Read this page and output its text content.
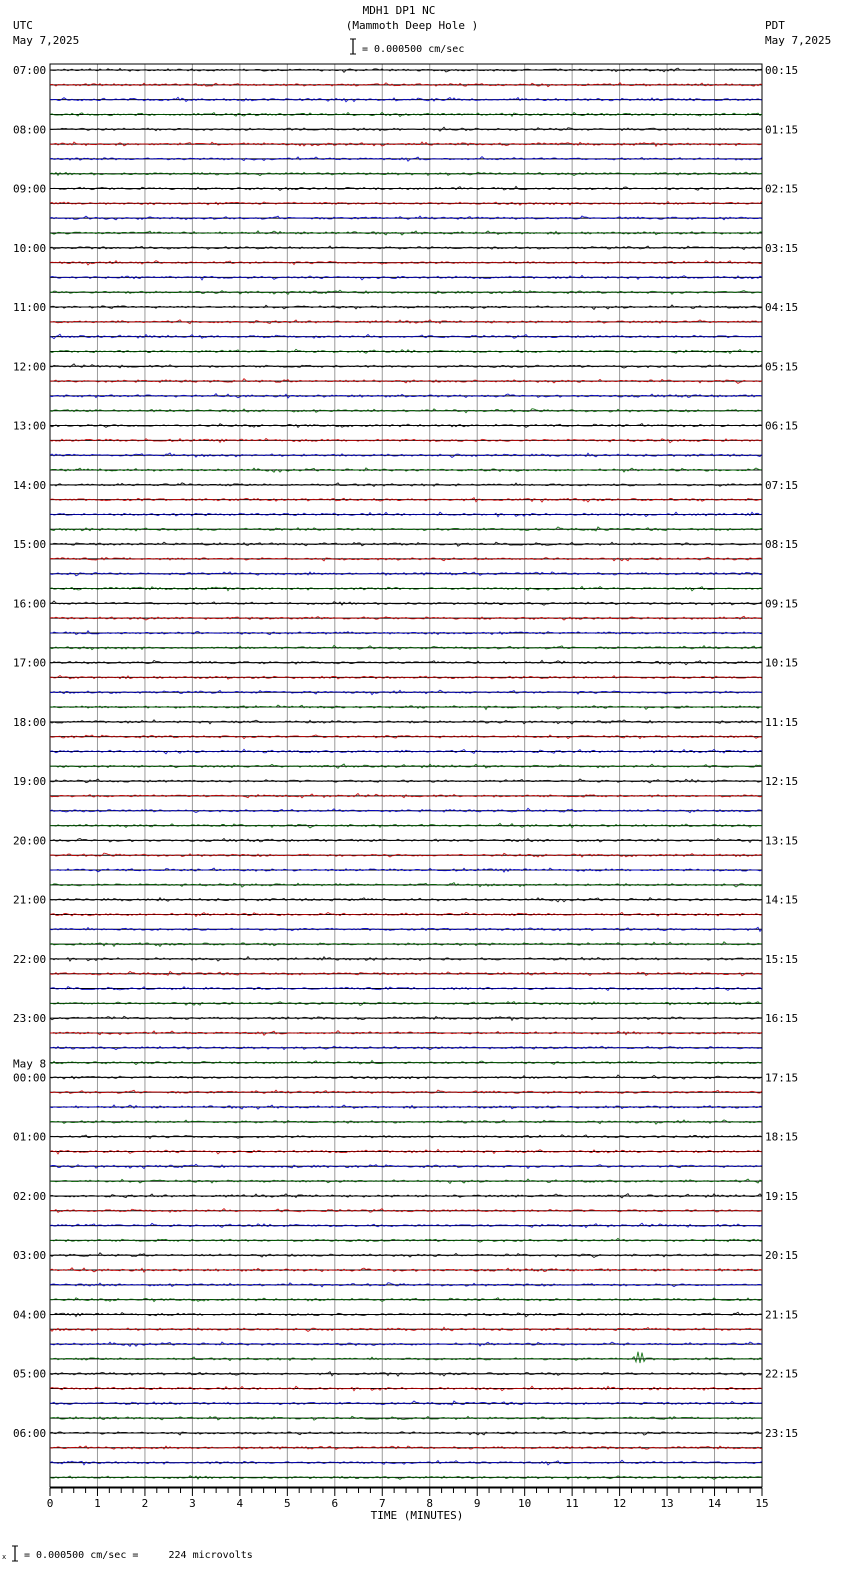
0	1	2	3	4	5	6	7	8	9	10	11	12	13	14	15
07:00	00:15
08:00	01:15
09:00	02:15
10:00	03:15
11:00	04:15
12:00	05:15
13:00	06:15
14:00	07:15
15:00	08:15
16:00	09:15
17:00	10:15
18:00	11:15
19:00	12:15
20:00	13:15
21:00	14:15
22:00	15:15
23:00	16:15
00:00	17:15
01:00	18:15
02:00	19:15
03:00	20:15
04:00	21:15
05:00	22:15
06:00	23:15
May 8
MDH1 DP1 NC
(Mammoth Deep Hole )
UTC
May 7,2025
PDT
May 7,2025
= 0.000500 cm/sec
TIME (MINUTES)
x = 0.000500 cm/sec =     224 microvolts
